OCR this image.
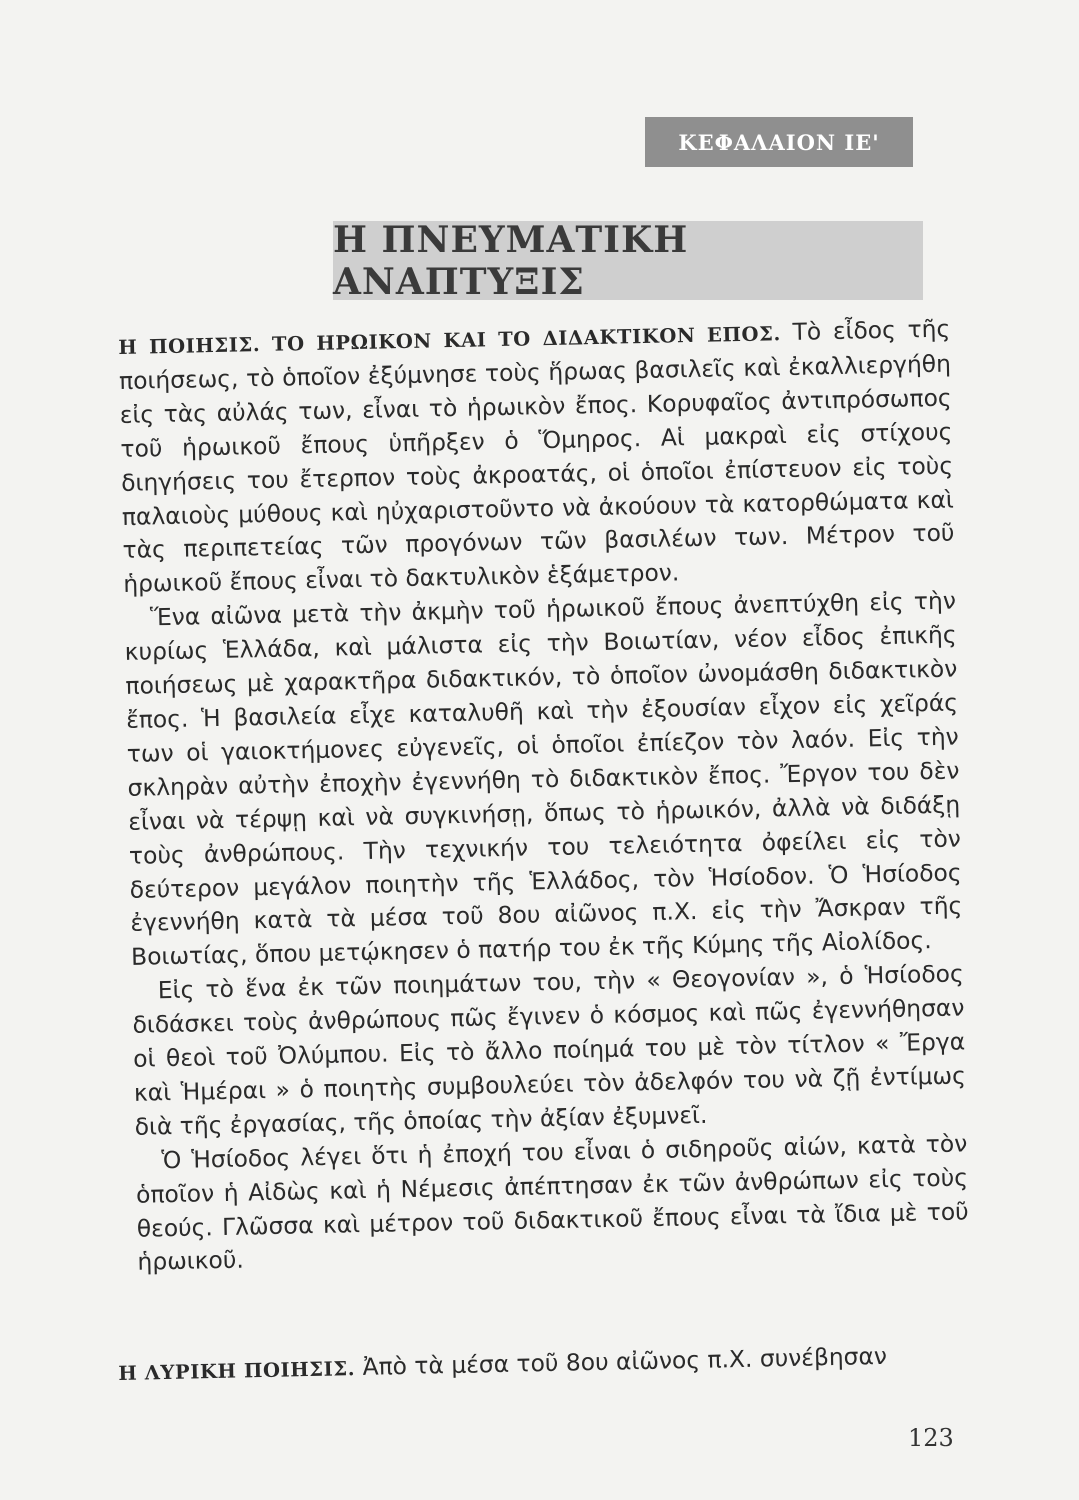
ΚΕΦΑΛΑΙΟΝ ΙΕ'
Η ΠΝΕΥΜΑΤΙΚΗ ΑΝΑΠΤΥΞΙΣ

Η ΠΟΙΗΣΙΣ. ΤΟ ΗΡΩΙΚΟΝ ΚΑΙ ΤΟ ΔΙΔΑΚΤΙΚΟΝ ΕΠΟΣ. Τὸ εἶδος τῆς ποιήσεως, τὸ ὁποῖον ἐξύμνησε τοὺς ἥρωας βασιλεῖς καὶ ἐκαλλιεργήθη εἰς τὰς αὐλάς των, εἶναι τὸ ἡρωικὸν ἔπος. Κορυφαῖος ἀντιπρόσωπος τοῦ ἡρωικοῦ ἔπους ὑπῆρξεν ὁ Ὅμηρος. Αἱ μακραὶ εἰς στίχους διηγήσεις του ἔτερπον τοὺς ἀκροατάς, οἱ ὁποῖοι ἐπίστευον εἰς τοὺς παλαιοὺς μύθους καὶ ηὐχαριστοῦντο νὰ ἀκούουν τὰ κατορθώματα καὶ τὰς περιπετείας τῶν προγόνων τῶν βασιλέων των. Μέτρον τοῦ ἡρωικοῦ ἔπους εἶναι τὸ δακτυλικὸν ἑξάμετρον.

Ἕνα αἰῶνα μετὰ τὴν ἀκμὴν τοῦ ἡρωικοῦ ἔπους ἀνεπτύχθη εἰς τὴν κυρίως Ἑλλάδα, καὶ μάλιστα εἰς τὴν Βοιωτίαν, νέον εἶδος ἐπικῆς ποιήσεως μὲ χαρακτῆρα διδακτικόν, τὸ ὁποῖον ὠνομάσθη διδακτικὸν ἔπος. Ἡ βασιλεία εἶχε καταλυθῆ καὶ τὴν ἐξουσίαν εἶχον εἰς χεῖράς των οἱ γαιοκτήμονες εὐγενεῖς, οἱ ὁποῖοι ἐπίεζον τὸν λαόν. Εἰς τὴν σκληρὰν αὐτὴν ἐποχὴν ἐγεννήθη τὸ διδακτικὸν ἔπος. Ἔργον του δὲν εἶναι νὰ τέρψῃ καὶ νὰ συγκινήσῃ, ὅπως τὸ ἡρωικόν, ἀλλὰ νὰ διδάξῃ τοὺς ἀνθρώπους. Τὴν τεχνικήν του τελειότητα ὀφείλει εἰς τὸν δεύτερον μεγάλον ποιητὴν τῆς Ἑλλάδος, τὸν Ἡσίοδον. Ὁ Ἡσίοδος ἐγεννήθη κατὰ τὰ μέσα τοῦ 8ου αἰῶνος π.Χ. εἰς τὴν Ἄσκραν τῆς Βοιωτίας, ὅπου μετῴκησεν ὁ πατήρ του ἐκ τῆς Κύμης τῆς Αἰολίδος.

Εἰς τὸ ἕνα ἐκ τῶν ποιημάτων του, τὴν « Θεογονίαν », ὁ Ἡσίοδος διδάσκει τοὺς ἀνθρώπους πῶς ἔγινεν ὁ κόσμος καὶ πῶς ἐγεννήθησαν οἱ θεοὶ τοῦ Ὀλύμπου. Εἰς τὸ ἄλλο ποίημά του μὲ τὸν τίτλον « Ἔργα καὶ Ἡμέραι » ὁ ποιητὴς συμβουλεύει τὸν ἀδελφόν του νὰ ζῇ ἐντίμως διὰ τῆς ἐργασίας, τῆς ὁποίας τὴν ἀξίαν ἐξυμνεῖ.

Ὁ Ἡσίοδος λέγει ὅτι ἡ ἐποχή του εἶναι ὁ σιδηροῦς αἰών, κατὰ τὸν ὁποῖον ἡ Αἰδὼς καὶ ἡ Νέμεσις ἀπέπτησαν ἐκ τῶν ἀνθρώπων εἰς τοὺς θεούς. Γλῶσσα καὶ μέτρον τοῦ διδακτικοῦ ἔπους εἶναι τὰ ἴδια μὲ τοῦ ἡρωικοῦ.

Η ΛΥΡΙΚΗ ΠΟΙΗΣΙΣ. Ἀπὸ τὰ μέσα τοῦ 8ου αἰῶνος π.Χ. συνέβησαν
123
